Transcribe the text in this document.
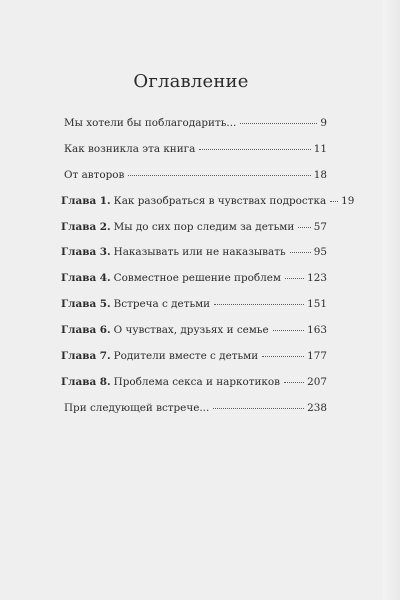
Оглавление
Мы хотели бы поблагодарить...	9
Как возникла эта книга	11
От авторов	18
Глава 1. Как разобраться в чувствах подростка 19
Глава 2. Мы до сих пор следим за детьми 57
Глава 3. Наказывать или не наказывать	95
Глава 4. Совместное решение проблем	123
Глава 5. Встреча с детьми	151
Глава 6. О чувствах, друзьях и семье	163
Глава 7. Родители вместе с детьми	177
Глава 8. Проблема секса и наркотиков	207
При следующей встрече...	238
